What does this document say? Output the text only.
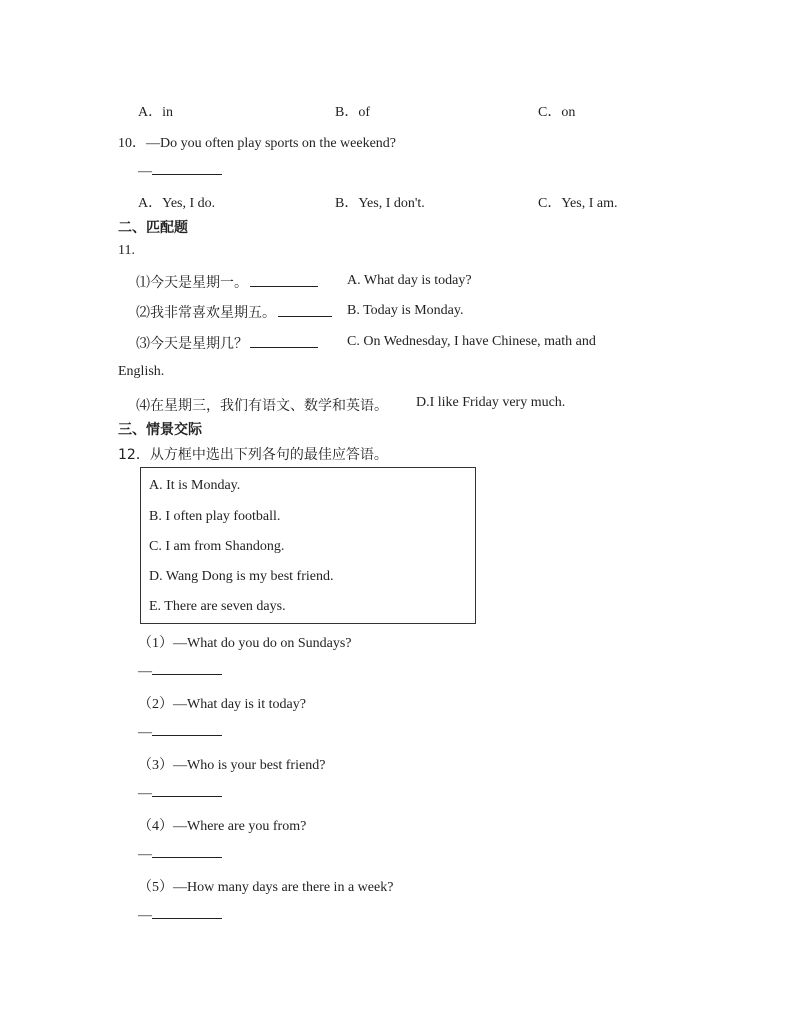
A．in	B．of	C．on
10．—Do you often play sports on the weekend?
—
A．Yes, I do.	B．Yes, I don't.	C．Yes, I am.
二、匹配题
11.
⑴今天是星期一。	A. What day is today?
⑵我非常喜欢星期五。	B. Today is Monday.
⑶今天是星期几？	C. On Wednesday, I have Chinese, math and
English.
⑷在星期三，我们有语文、数学和英语。 D.I like Friday very much.
三、情景交际
12．从方框中选出下列各句的最佳应答语。
A. It is Monday.
B. I often play football.
C. I am from Shandong.
D. Wang Dong is my best friend.
E. There are seven days.
（1）—What do you do on Sundays?
—
（2）—What day is it today?
—
（3）—Who is your best friend?
—
（4）—Where are you from?
—
（5）—How many days are there in a week?
—
